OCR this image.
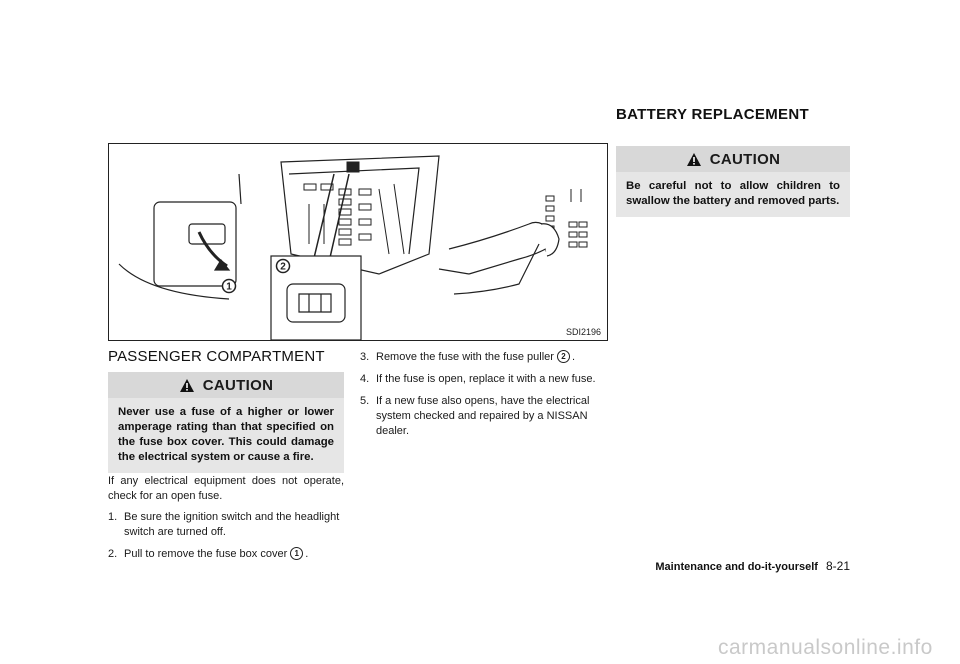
1
2
SDI2196
PASSENGER COMPARTMENT
CAUTION
Never use a fuse of a higher or lower amperage rating than that specified on the fuse box cover. This could damage the electrical system or cause a fire.
If any electrical equipment does not operate, check for an open fuse.
1. Be sure the ignition switch and the headlight switch are turned off.
2. Pull to remove the fuse box cover 1 .
3. Remove the fuse with the fuse puller 2 .
4. If the fuse is open, replace it with a new fuse.
5. If a new fuse also opens, have the electrical system checked and repaired by a NISSAN dealer.
BATTERY REPLACEMENT
CAUTION
Be careful not to allow children to swallow the battery and removed parts.
Maintenance and do-it-yourself 8-21
carmanualsonline.info
